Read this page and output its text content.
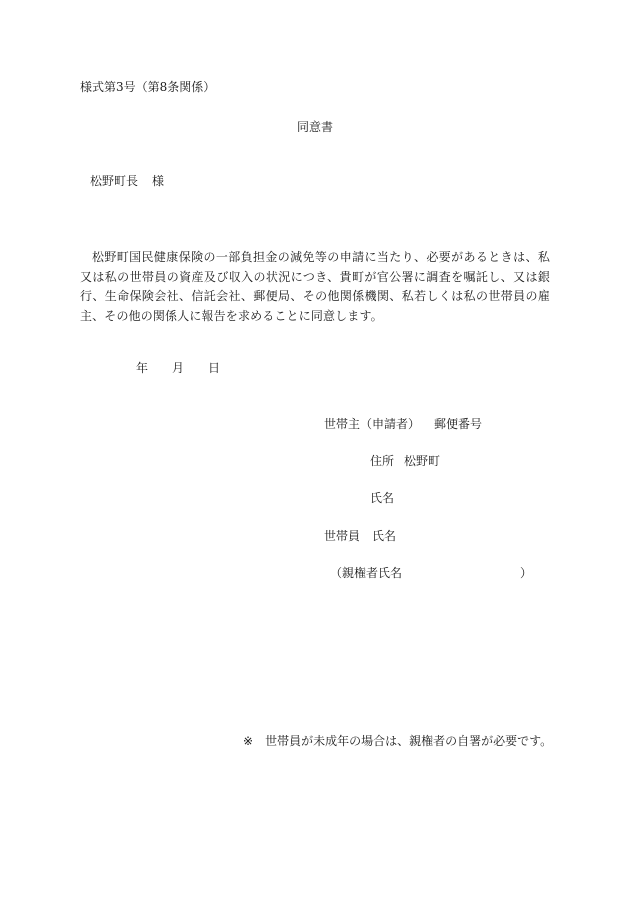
様式第3号（第8条関係）
同意書
松野町長 様
松野町国民健康保険の一部負担金の減免等の申請に当たり、必要があるときは、私又は私の世帯員の資産及び収入の状況につき、貴町が官公署に調査を嘱託し、又は銀行、生命保険会社、信託会社、郵便局、その他関係機関、私若しくは私の世帯員の雇主、その他の関係人に報告を求めることに同意します。
年 月 日
世帯主（申請者） 郵便番号
住所 松野町
氏名
世帯員 氏名
（親権者氏名	）
※ 世帯員が未成年の場合は、親権者の自署が必要です。
